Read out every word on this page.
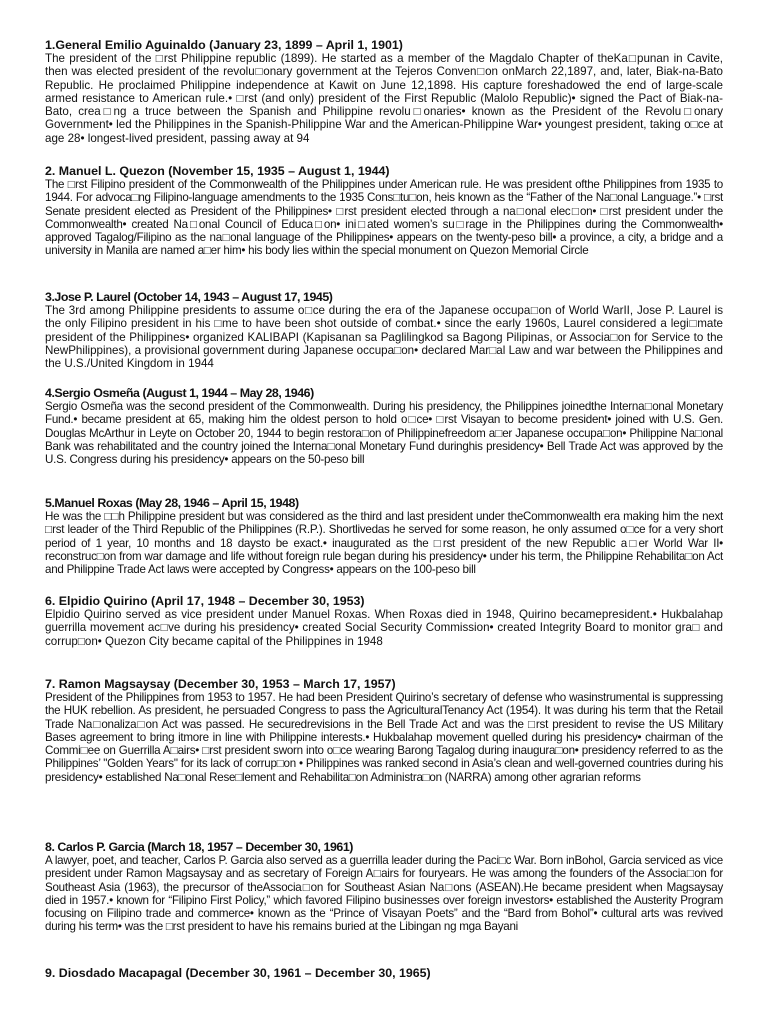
1.General Emilio Aguinaldo (January 23, 1899 – April 1, 1901)

The president of the □rst Philippine republic (1899). He started as a member of the Magdalo Chapter of theKa□punan in Cavite, then was elected president of the revolu□onary government at the Tejeros Conven□on onMarch 22,1897, and, later, Biak-na-Bato Republic. He proclaimed Philippine independence at Kawit on June 12,1898. His capture foreshadowed the end of large-scale armed resistance to American rule.• □rst (and only) president of the First Republic (Malolo Republic)• signed the Pact of Biak-na-Bato, crea□ng a truce between the Spanish and Philippine revolu□onaries• known as the President of the Revolu□onary Government• led the Philippines in the Spanish-Philippine War and the American-Philippine War• youngest president, taking o□ce at age 28• longest-lived president, passing away at 94

2. Manuel L. Quezon (November 15, 1935 – August 1, 1944)

The □rst Filipino president of the Commonwealth of the Philippines under American rule. He was president ofthe Philippines from 1935 to 1944. For advoca□ng Filipino-language amendments to the 1935 Cons□tu□on, heis known as the “Father of the Na□onal Language.”• □rst Senate president elected as President of the Philippines• □rst president elected through a na□onal elec□on• □rst president under the Commonwealth• created Na□onal Council of Educa□on• ini□ated women’s su□rage in the Philippines during the Commonwealth• approved Tagalog/Filipino as the na□onal language of the Philippines• appears on the twenty-peso bill• a province, a city, a bridge and a university in Manila are named a□er him• his body lies within the special monument on Quezon Memorial Circle

3.Jose P. Laurel (October 14, 1943 – August 17, 1945)

The 3rd among Philippine presidents to assume o□ce during the era of the Japanese occupa□on of World WarII, Jose P. Laurel is the only Filipino president in his □me to have been shot outside of combat.• since the early 1960s, Laurel considered a legi□mate president of the Philippines• organized KALIBAPI (Kapisanan sa Paglilingkod sa Bagong Pilipinas, or Associa□on for Service to the NewPhilippines), a provisional government during Japanese occupa□on• declared Mar□al Law and war between the Philippines and the U.S./United Kingdom in 1944

4.Sergio Osmeña (August 1, 1944 – May 28, 1946)

Sergio Osmeña was the second president of the Commonwealth. During his presidency, the Philippines joinedthe Interna□onal Monetary Fund.• became president at 65, making him the oldest person to hold o□ce• □rst Visayan to become president• joined with U.S. Gen. Douglas McArthur in Leyte on October 20, 1944 to begin restora□on of Philippinefreedom a□er Japanese occupa□on• Philippine Na□onal Bank was rehabilitated and the country joined the Interna□onal Monetary Fund duringhis presidency• Bell Trade Act was approved by the U.S. Congress during his presidency• appears on the 50-peso bill

5.Manuel Roxas (May 28, 1946 – April 15, 1948)

He was the □□h Philippine president but was considered as the third and last president under theCommonwealth era making him the next □rst leader of the Third Republic of the Philippines (R.P.). Shortlivedas he served for some reason, he only assumed o□ce for a very short period of 1 year, 10 months and 18 daysto be exact.• inaugurated as the □rst president of the new Republic a□er World War II• reconstruc□on from war damage and life without foreign rule began during his presidency• under his term, the Philippine Rehabilita□on Act and Philippine Trade Act laws were accepted by Congress• appears on the 100-peso bill

6. Elpidio Quirino (April 17, 1948 – December 30, 1953)

Elpidio Quirino served as vice president under Manuel Roxas. When Roxas died in 1948, Quirino becamepresident.• Hukbalahap guerrilla movement ac□ve during his presidency• created Social Security Commission• created Integrity Board to monitor gra□ and corrup□on• Quezon City became capital of the Philippines in 1948

7. Ramon Magsaysay (December 30, 1953 – March 17, 1957)

President of the Philippines from 1953 to 1957. He had been President Quirino’s secretary of defense who wasinstrumental is suppressing the HUK rebellion. As president, he persuaded Congress to pass the AgriculturalTenancy Act (1954). It was during his term that the Retail Trade Na□onaliza□on Act was passed. He securedrevisions in the Bell Trade Act and was the □rst president to revise the US Military Bases agreement to bring itmore in line with Philippine interests.• Hukbalahap movement quelled during his presidency• chairman of the Commi□ee on Guerrilla A□airs• □rst president sworn into o□ce wearing Barong Tagalog during inaugura□on• presidency referred to as the Philippines’ "Golden Years" for its lack of corrup□on • Philippines was ranked second in Asia’s clean and well-governed countries during his presidency• established Na□onal Rese□lement and Rehabilita□on Administra□on (NARRA) among other agrarian reforms

8. Carlos P. Garcia (March 18, 1957 – December 30, 1961)

A lawyer, poet, and teacher, Carlos P. Garcia also served as a guerrilla leader during the Paci□c War. Born inBohol, Garcia serviced as vice president under Ramon Magsaysay and as secretary of Foreign A□airs for fouryears. He was among the founders of the Associa□on for Southeast Asia (1963), the precursor of theAssocia□on for Southeast Asian Na□ons (ASEAN).He became president when Magsaysay died in 1957.• known for “Filipino First Policy,” which favored Filipino businesses over foreign investors• established the Austerity Program focusing on Filipino trade and commerce• known as the “Prince of Visayan Poets” and the “Bard from Bohol”• cultural arts was revived during his term• was the □rst president to have his remains buried at the Libingan ng mga Bayani

9. Diosdado Macapagal (December 30, 1961 – December 30, 1965)
